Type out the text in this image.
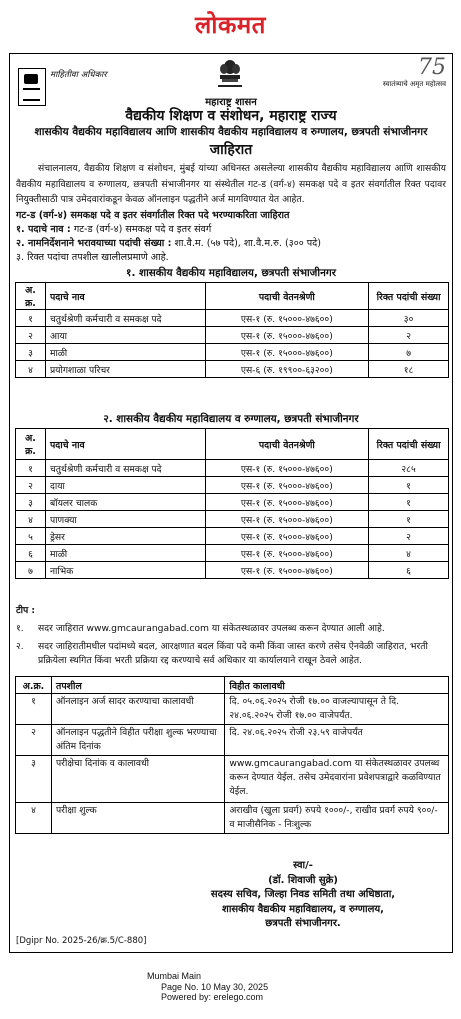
लोकमत
माहितीवा अधिकार	75
स्वातंत्र्याचे अमृत महोत्सव
महाराष्ट्र शासन
वैद्यकीय शिक्षण व संशोधन, महाराष्ट्र राज्य
शासकीय वैद्यकीय महाविद्यालय आणि शासकीय वैद्यकीय महाविद्यालय व रुग्णालय, छत्रपती संभाजीनगर
जाहिरात
संचालनालय, वैद्यकीय शिक्षण व संशोधन, मुंबई यांच्या अधिनस्त असलेल्या शासकीय वैद्यकीय महाविद्यालय आणि शासकीय वैद्यकीय महाविद्यालय व रुग्णालय, छत्रपती संभाजीनगर या संस्थेतील गट-ड (वर्ग-४) समकक्ष पदे व इतर संवर्गातील रिक्त पदावर नियुक्तीसाठी पात्र उमेदवारांकडून केवळ ऑनलाइन पद्धतीने अर्ज मागविण्यात येत आहेत.
गट-ड (वर्ग-४) समकक्ष पदे व इतर संवर्गातील रिक्त पदे भरण्याकरिता जाहिरात
१. पदाचे नाव : गट-ड (वर्ग-४) समकक्ष पदे व इतर संवर्ग
२. नामनिर्देशनाने भरावयाच्या पदांची संख्या : शा.वै.म. (५७ पदे), शा.वै.म.रु. (३०० पदे)
३. रिक्त पदांचा तपशील खालीलप्रमाणे आहे.
१. शासकीय वैद्यकीय महाविद्यालय, छत्रपती संभाजीनगर
अ. क्र.	पदाचे नाव	पदाची वेतनश्रेणी	रिक्त पदांची संख्या
१	चतुर्थश्रेणी कर्मचारी व समकक्ष पदे	एस-१ (रु. १५०००-४७६००)	३०
२	आया	एस-१ (रु. १५०००-४७६००)	२
३	माळी	एस-१ (रु. १५०००-४७६००)	७
४	प्रयोगशाळा परिचर	एस-६ (रु. १९९००-६३२००)	१८
२. शासकीय वैद्यकीय महाविद्यालय व रुग्णालय, छत्रपती संभाजीनगर
अ. क्र.	पदाचे नाव	पदाची वेतनश्रेणी	रिक्त पदांची संख्या
१	चतुर्थश्रेणी कर्मचारी व समकक्ष पदे	एस-१ (रु. १५०००-४७६००)	२८५
२	दाया	एस-१ (रु. १५०००-४७६००)	१
३	बॉयलर चालक	एस-१ (रु. १५०००-४७६००)	१
४	पाणक्या	एस-१ (रु. १५०००-४७६००)	१
५	ड्रेसर	एस-१ (रु. १५०००-४७६००)	२
६	माळी	एस-१ (रु. १५०००-४७६००)	४
७	नाभिक	एस-१ (रु. १५०००-४७६००)	६
टीप :
१.	सदर जाहिरात www.gmcaurangabad.com या संकेतस्थळावर उपलब्ध करून देण्यात आली आहे.
२.	सदर जाहिरातीमधील पदांमध्ये बदल, आरक्षणात बदल किंवा पदे कमी किंवा जास्त करणे तसेच ऐनवेळी जाहिरात, भरती प्रक्रियेला स्थगित किंवा भरती प्रक्रिया रद्द करण्याचे सर्व अधिकार या कार्यालयाने राखून ठेवले आहेत.
अ.क्र.	तपशील	विहीत कालावधी
१	ऑनलाइन अर्ज सादर करण्याचा कालावधी	दि. ०५.०६.२०२५ रोजी १७.०० वाजल्यापासून ते दि. २४.०६.२०२५ रोजी १७.०० वाजेपर्यंत.
२	ऑनलाइन पद्धतीने विहीत परीक्षा शुल्क भरण्याचा अंतिम दिनांक	दि. २४.०६.२०२५ रोजी २३.५९ वाजेपर्यंत
३	परीक्षेचा दिनांक व कालावधी	www.gmcaurangabad.com या संकेतस्थळावर उपलब्ध करून देण्यात येईल. तसेच उमेदवारांना प्रवेशपत्राद्वारे कळविण्यात येईल.
४	परीक्षा शुल्क	अराखीव (खुला प्रवर्ग) रुपये १०००/-, राखीव प्रवर्ग रुपये ९००/- व माजीसैनिक - निःशुल्क
स्वा/-
(डॉ. शिवाजी सुक्रे)
सदस्य सचिव, जिल्हा निवड समिती तथा अधिष्ठाता,
शासकीय वैद्यकीय महाविद्यालय, व रुग्णालय,
छत्रपती संभाजीनगर.
[Dgipr No. 2025-26/क्र.5/C-880]
Mumbai Main
Page No. 10 May 30, 2025
Powered by: erelego.com
